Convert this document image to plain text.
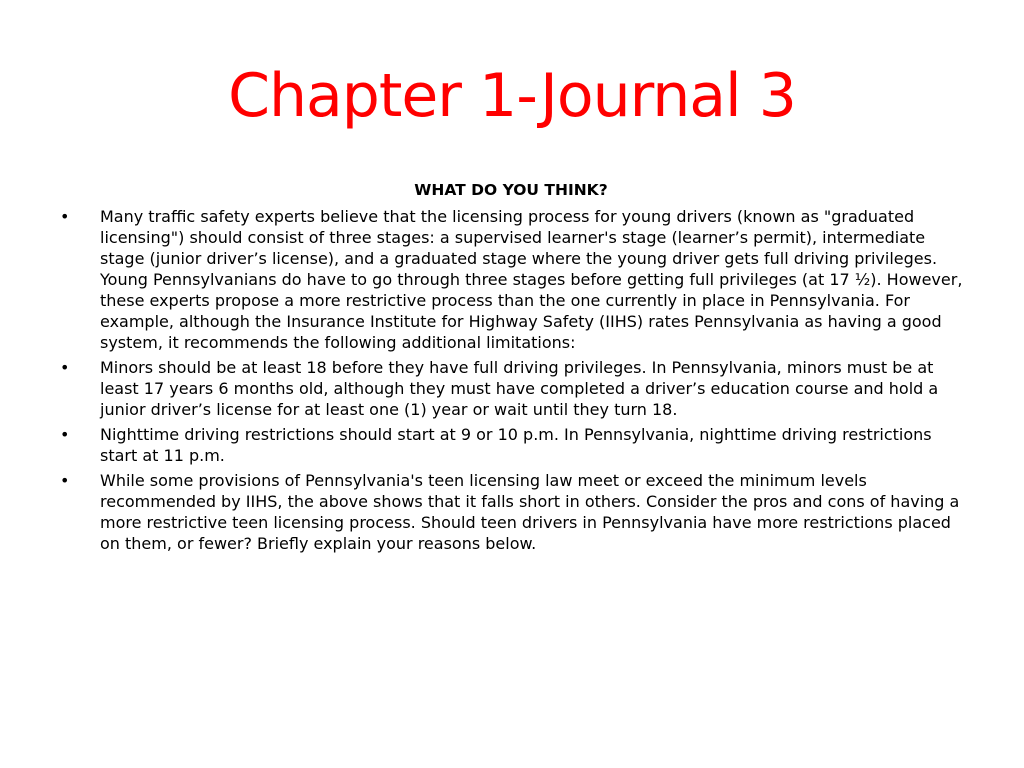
Chapter 1-Journal 3
WHAT DO YOU THINK?
•	Many traffic safety experts believe that the licensing process for young drivers (known as "graduated licensing") should consist of three stages: a supervised learner's stage (learner’s permit), intermediate stage (junior driver’s license), and a graduated stage where the young driver gets full driving privileges. Young Pennsylvanians do have to go through three stages before getting full privileges (at 17 ½). However, these experts propose a more restrictive process than the one currently in place in Pennsylvania. For example, although the Insurance Institute for Highway Safety (IIHS) rates Pennsylvania as having a good system, it recommends the following additional limitations:
•	Minors should be at least 18 before they have full driving privileges. In Pennsylvania, minors must be at least 17 years 6 months old, although they must have completed a driver’s education course and hold a junior driver’s license for at least one (1) year or wait until they turn 18.
•	Nighttime driving restrictions should start at 9 or 10 p.m. In Pennsylvania, nighttime driving restrictions start at 11 p.m.
•	While some provisions of Pennsylvania's teen licensing law meet or exceed the minimum levels recommended by IIHS, the above shows that it falls short in others. Consider the pros and cons of having a more restrictive teen licensing process. Should teen drivers in Pennsylvania have more restrictions placed on them, or fewer? Briefly explain your reasons below.
